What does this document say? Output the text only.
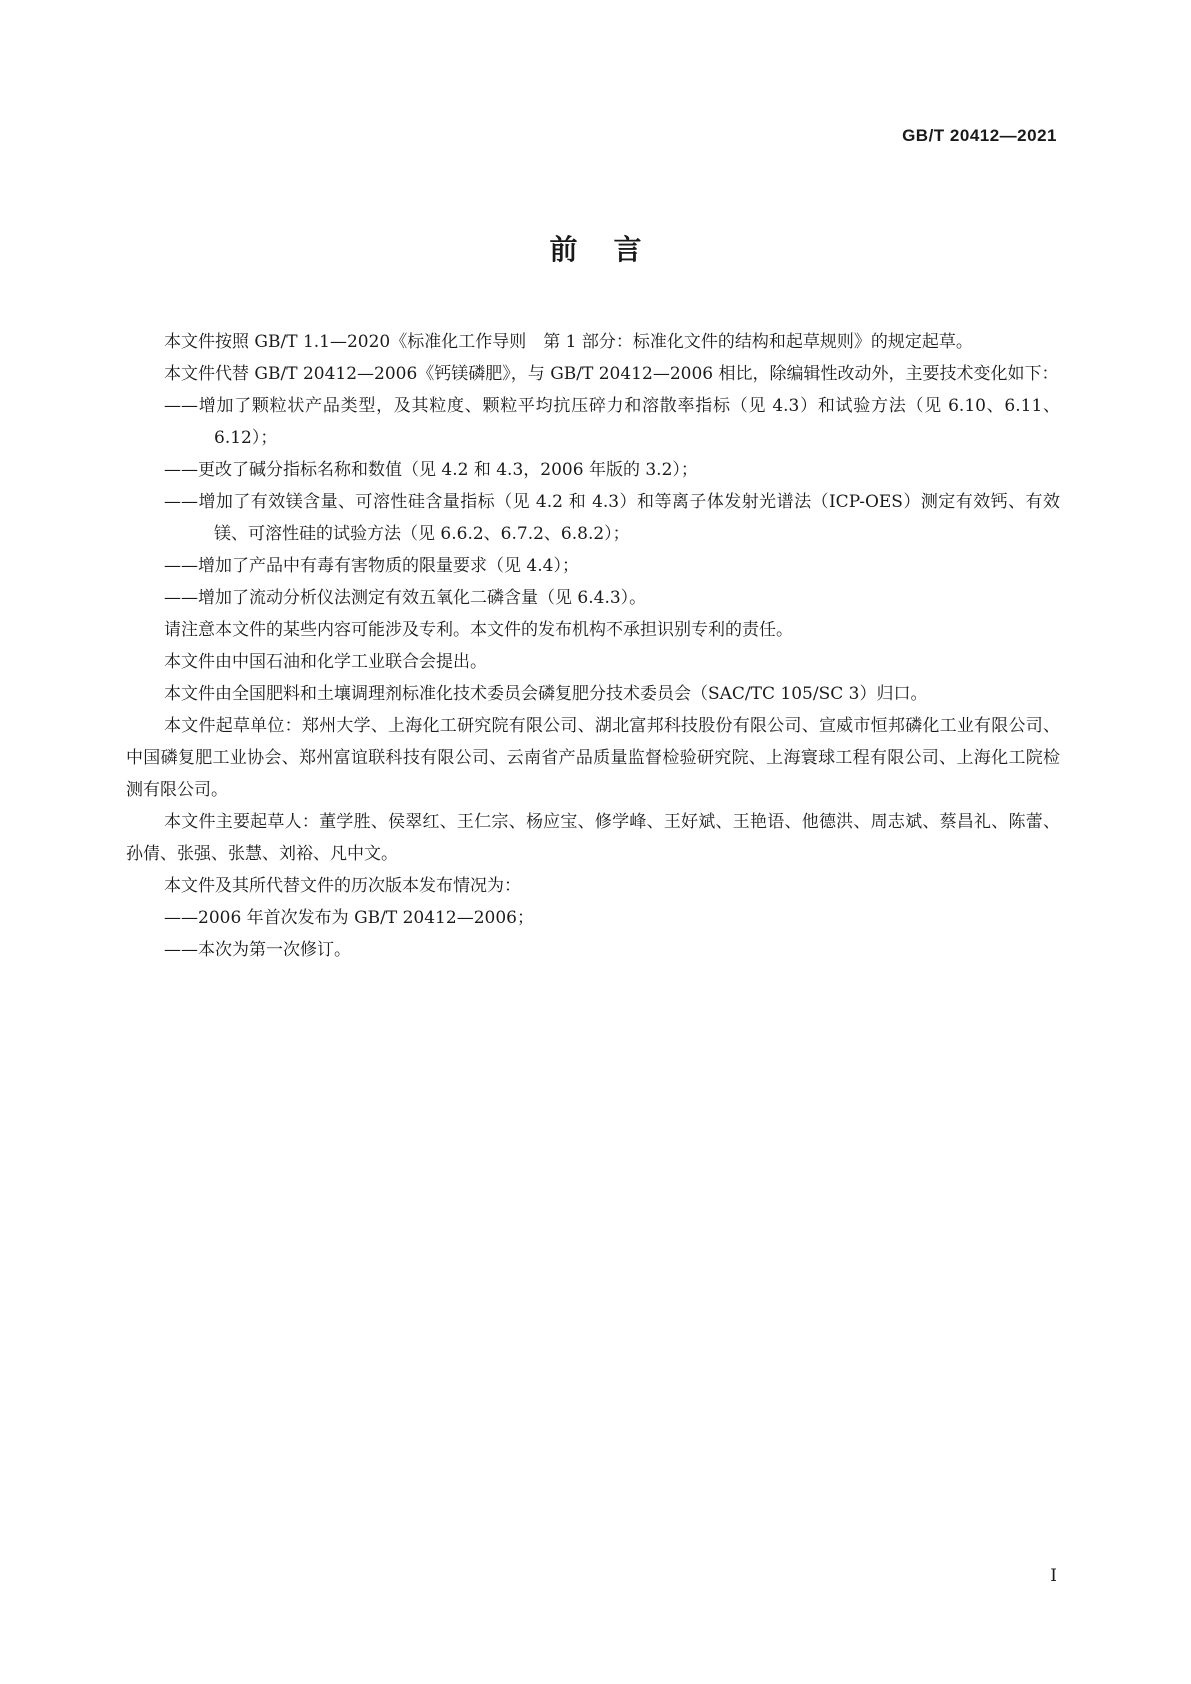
GB/T 20412—2021
前言

本文件按照 GB/T 1.1—2020《标准化工作导则　第 1 部分：标准化文件的结构和起草规则》的规定起草。

本文件代替 GB/T 20412—2006《钙镁磷肥》，与 GB/T 20412—2006 相比，除编辑性改动外，主要技术变化如下：

——增加了颗粒状产品类型，及其粒度、颗粒平均抗压碎力和溶散率指标（见 4.3）和试验方法（见 6.10、6.11、6.12）；

——更改了碱分指标名称和数值（见 4.2 和 4.3，2006 年版的 3.2）；

——增加了有效镁含量、可溶性硅含量指标（见 4.2 和 4.3）和等离子体发射光谱法（ICP-OES）测定有效钙、有效镁、可溶性硅的试验方法（见 6.6.2、6.7.2、6.8.2）；

——增加了产品中有毒有害物质的限量要求（见 4.4）；

——增加了流动分析仪法测定有效五氧化二磷含量（见 6.4.3）。

请注意本文件的某些内容可能涉及专利。本文件的发布机构不承担识别专利的责任。

本文件由中国石油和化学工业联合会提出。

本文件由全国肥料和土壤调理剂标准化技术委员会磷复肥分技术委员会（SAC/TC 105/SC 3）归口。

本文件起草单位：郑州大学、上海化工研究院有限公司、湖北富邦科技股份有限公司、宣威市恒邦磷化工业有限公司、中国磷复肥工业协会、郑州富谊联科技有限公司、云南省产品质量监督检验研究院、上海寰球工程有限公司、上海化工院检测有限公司。

本文件主要起草人：董学胜、侯翠红、王仁宗、杨应宝、修学峰、王好斌、王艳语、他德洪、周志斌、蔡昌礼、陈蕾、孙倩、张强、张慧、刘裕、凡中文。

本文件及其所代替文件的历次版本发布情况为：

——2006 年首次发布为 GB/T 20412—2006；

——本次为第一次修订。

I
